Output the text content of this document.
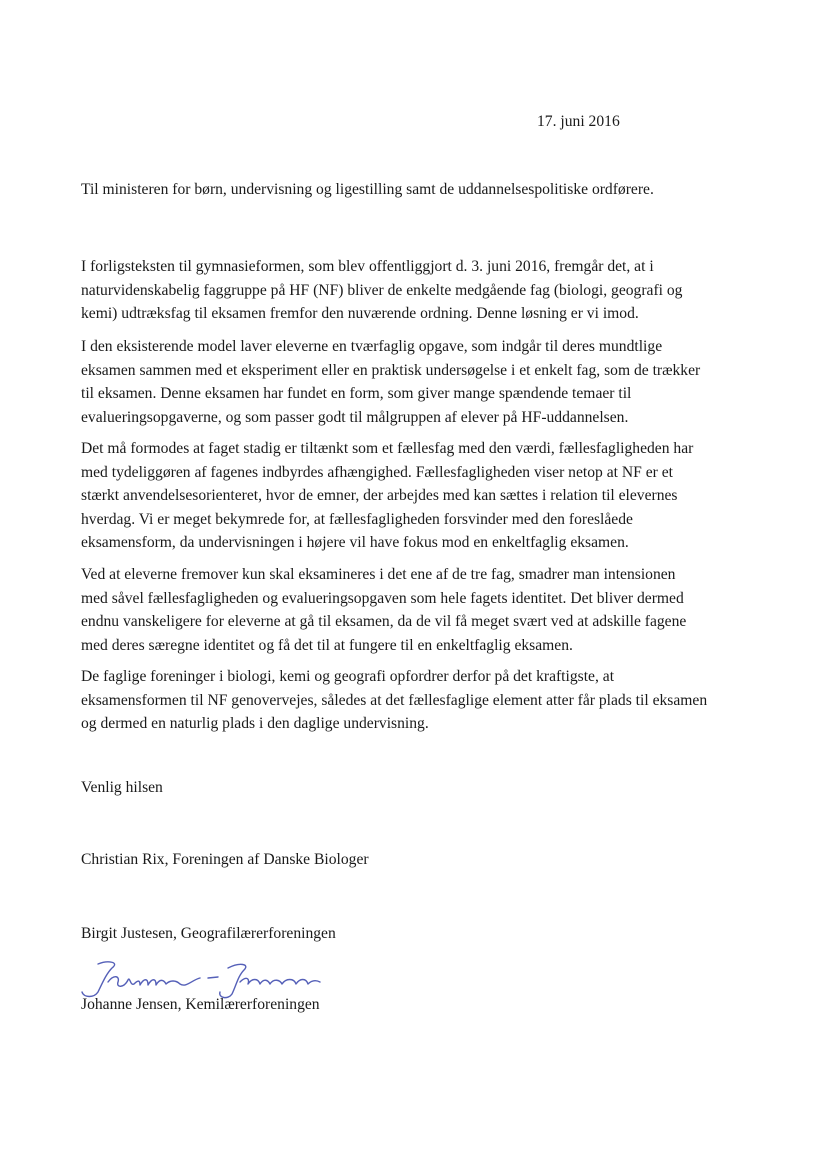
17. juni 2016
Til ministeren for børn, undervisning og ligestilling samt de uddannelsespolitiske ordførere.
I forligsteksten til gymnasieformen, som blev offentliggjort d. 3. juni 2016, fremgår det, at i
naturvidenskabelig faggruppe på HF (NF) bliver de enkelte medgående fag (biologi, geografi og
kemi) udtræksfag til eksamen fremfor den nuværende ordning. Denne løsning er vi imod.
I den eksisterende model laver eleverne en tværfaglig opgave, som indgår til deres mundtlige
eksamen sammen med et eksperiment eller en praktisk undersøgelse i et enkelt fag, som de trækker
til eksamen. Denne eksamen har fundet en form, som giver mange spændende temaer til
evalueringsopgaverne, og som passer godt til målgruppen af elever på HF-uddannelsen.
Det må formodes at faget stadig er tiltænkt som et fællesfag med den værdi, fællesfagligheden har
med tydeliggøren af fagenes indbyrdes afhængighed. Fællesfagligheden viser netop at NF er et
stærkt anvendelsesorienteret, hvor de emner, der arbejdes med kan sættes i relation til elevernes
hverdag. Vi er meget bekymrede for, at fællesfagligheden forsvinder med den foreslåede
eksamensform, da undervisningen i højere vil have fokus mod en enkeltfaglig eksamen.
Ved at eleverne fremover kun skal eksamineres i det ene af de tre fag, smadrer man intensionen
med såvel fællesfagligheden og evalueringsopgaven som hele fagets identitet. Det bliver dermed
endnu vanskeligere for eleverne at gå til eksamen, da de vil få meget svært ved at adskille fagene
med deres særegne identitet og få det til at fungere til en enkeltfaglig eksamen.
De faglige foreninger i biologi, kemi og geografi opfordrer derfor på det kraftigste, at
eksamensformen til NF genovervejes, således at det fællesfaglige element atter får plads til eksamen
og dermed en naturlig plads i den daglige undervisning.
Venlig hilsen
Christian Rix, Foreningen af Danske Biologer
Birgit Justesen, Geografilærerforeningen
Johanne Jensen, Kemilærerforeningen
